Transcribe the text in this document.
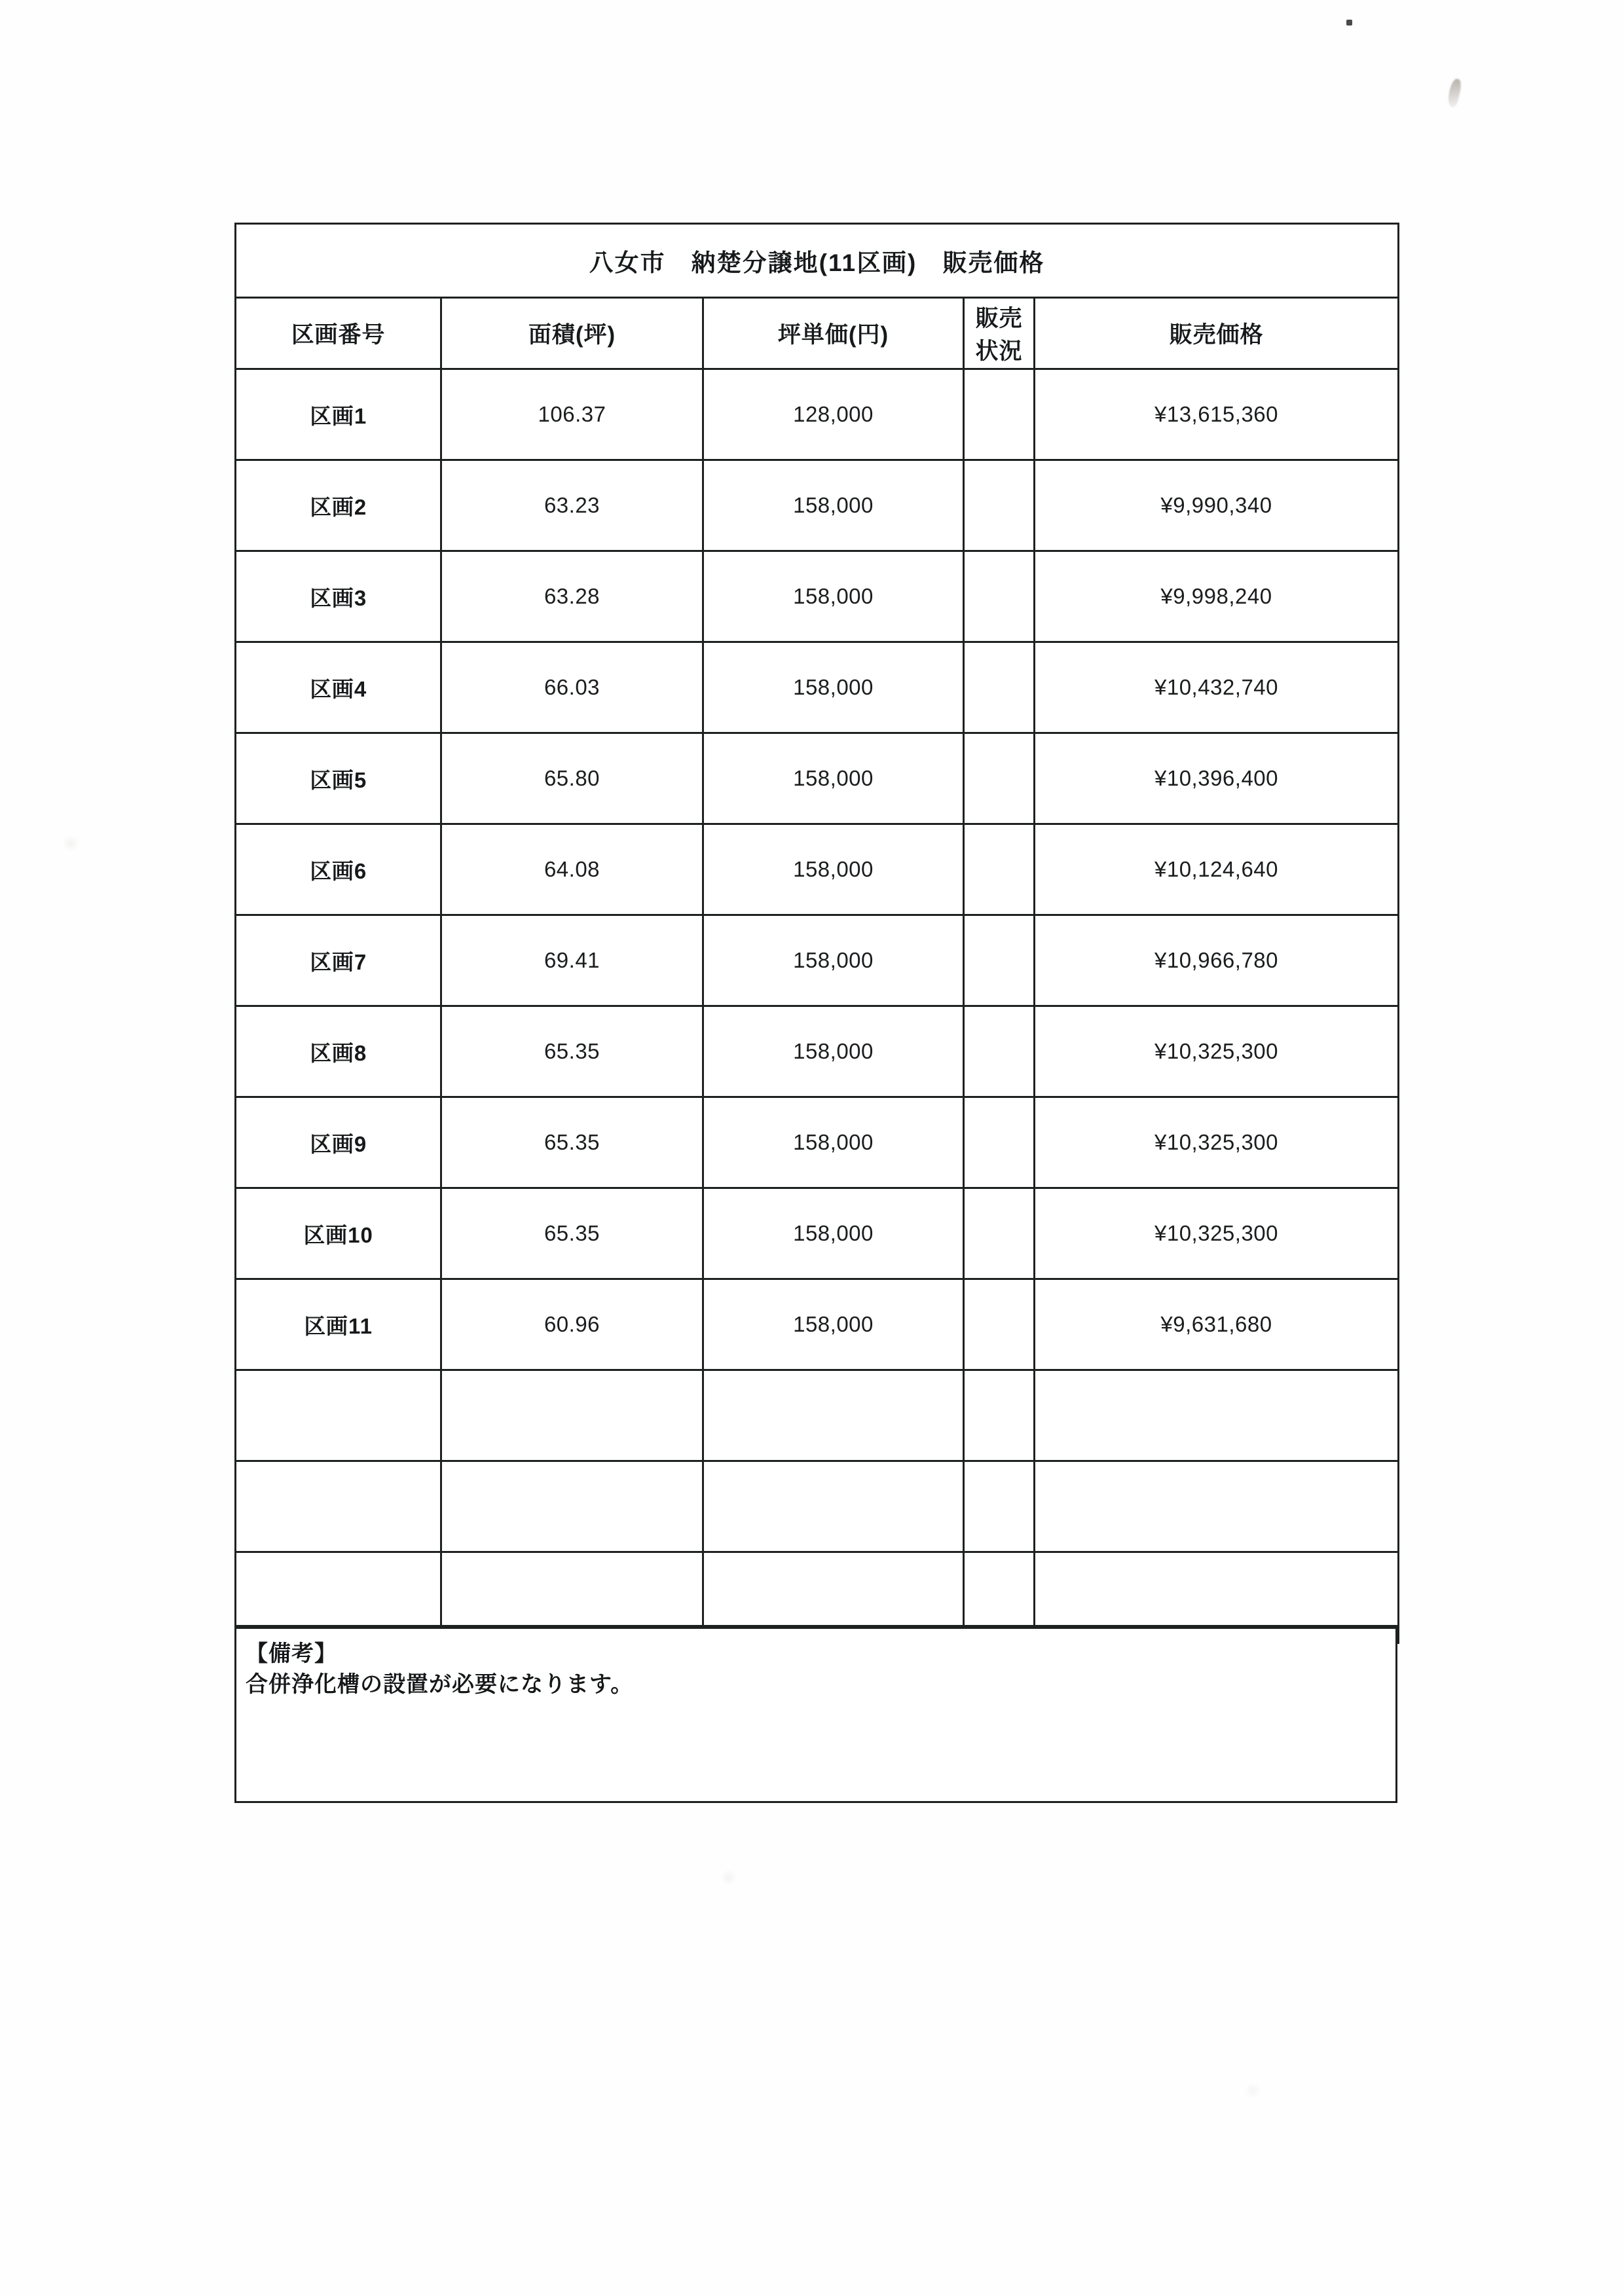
八女市　納楚分譲地(11区画)　販売価格				
区画番号	面積(坪)	坪単価(円)	販売状況	販売価格
区画1	106.37	128,000		¥13,615,360
区画2	63.23	158,000		¥9,990,340
区画3	63.28	158,000		¥9,998,240
区画4	66.03	158,000		¥10,432,740
区画5	65.80	158,000		¥10,396,400
区画6	64.08	158,000		¥10,124,640
区画7	69.41	158,000		¥10,966,780
区画8	65.35	158,000		¥10,325,300
区画9	65.35	158,000		¥10,325,300
区画10	65.35	158,000		¥10,325,300
区画11	60.96	158,000		¥9,631,680

【備考】
合併浄化槽の設置が必要になります。
